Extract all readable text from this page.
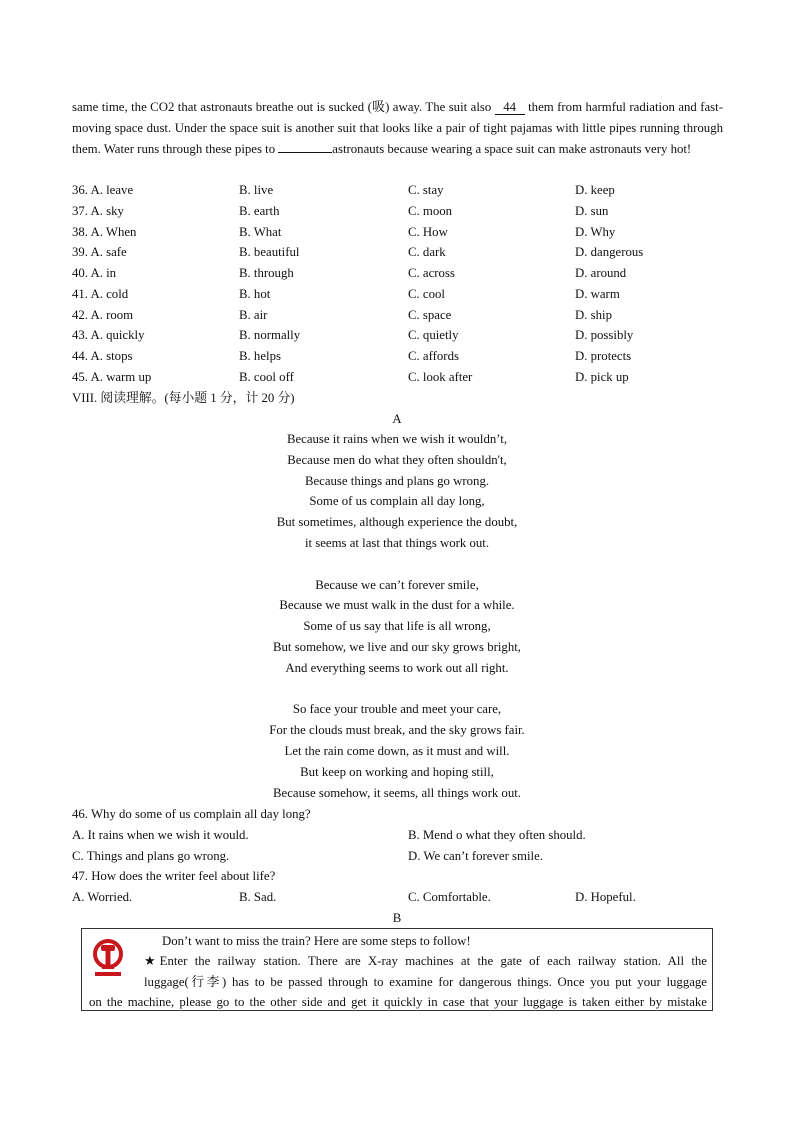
same time, the CO2 that astronauts breathe out is sucked (吸) away. The suit also 44 them from harmful radiation and fast-moving space dust. Under the space suit is another suit that looks like a pair of tight pajamas with little pipes running through them. Water runs through these pipes to	astronauts because wearing a space suit can make astronauts very hot!

36. A. leave	B. live	C. stay	D. keep
37. A. sky	B. earth	C. moon	D. sun
38. A. When	B. What	C. How	D. Why
39. A. safe	B. beautiful	C. dark	D. dangerous
40. A. in	B. through	C. across	D. around
41. A. cold	B. hot	C. cool	D. warm
42. A. room	B. air	C. space	D. ship
43. A. quickly	B. normally	C. quietly	D. possibly
44. A. stops	B. helps	C. affords	D. protects
45. A. warm up	B. cool off	C. look after	D. pick up
VIII. 阅读理解。(每小题 1 分，计 20 分)
A
Because it rains when we wish it wouldn’t,
Because men do what they often shouldn't,
Because things and plans go wrong.
Some of us complain all day long,
But sometimes, although experience the doubt,
it seems at last that things work out.
Because we can’t forever smile,
Because we must walk in the dust for a while.
Some of us say that life is all wrong,
But somehow, we live and our sky grows bright,
And everything seems to work out all right.
So face your trouble and meet your care,
For the clouds must break, and the sky grows fair.
Let the rain come down, as it must and will.
But keep on working and hoping still,
Because somehow, it seems, all things work out.
46. Why do some of us complain all day long?
A. It rains when we wish it would.	B. Mend o what they often should.
C. Things and plans go wrong.	D. We can’t forever smile.
47. How does the writer feel about life?
A. Worried.	B. Sad.	C. Comfortable.	D. Hopeful.
B
Don’t want to miss the train? Here are some steps to follow!
★Enter the railway station. There are X-ray machines at the gate of each railway station. All the
luggage(行李) has to be passed through to examine for dangerous things. Once you put your luggage
on the machine, please go to the other side and get it quickly in case that your luggage is taken either by mistake
